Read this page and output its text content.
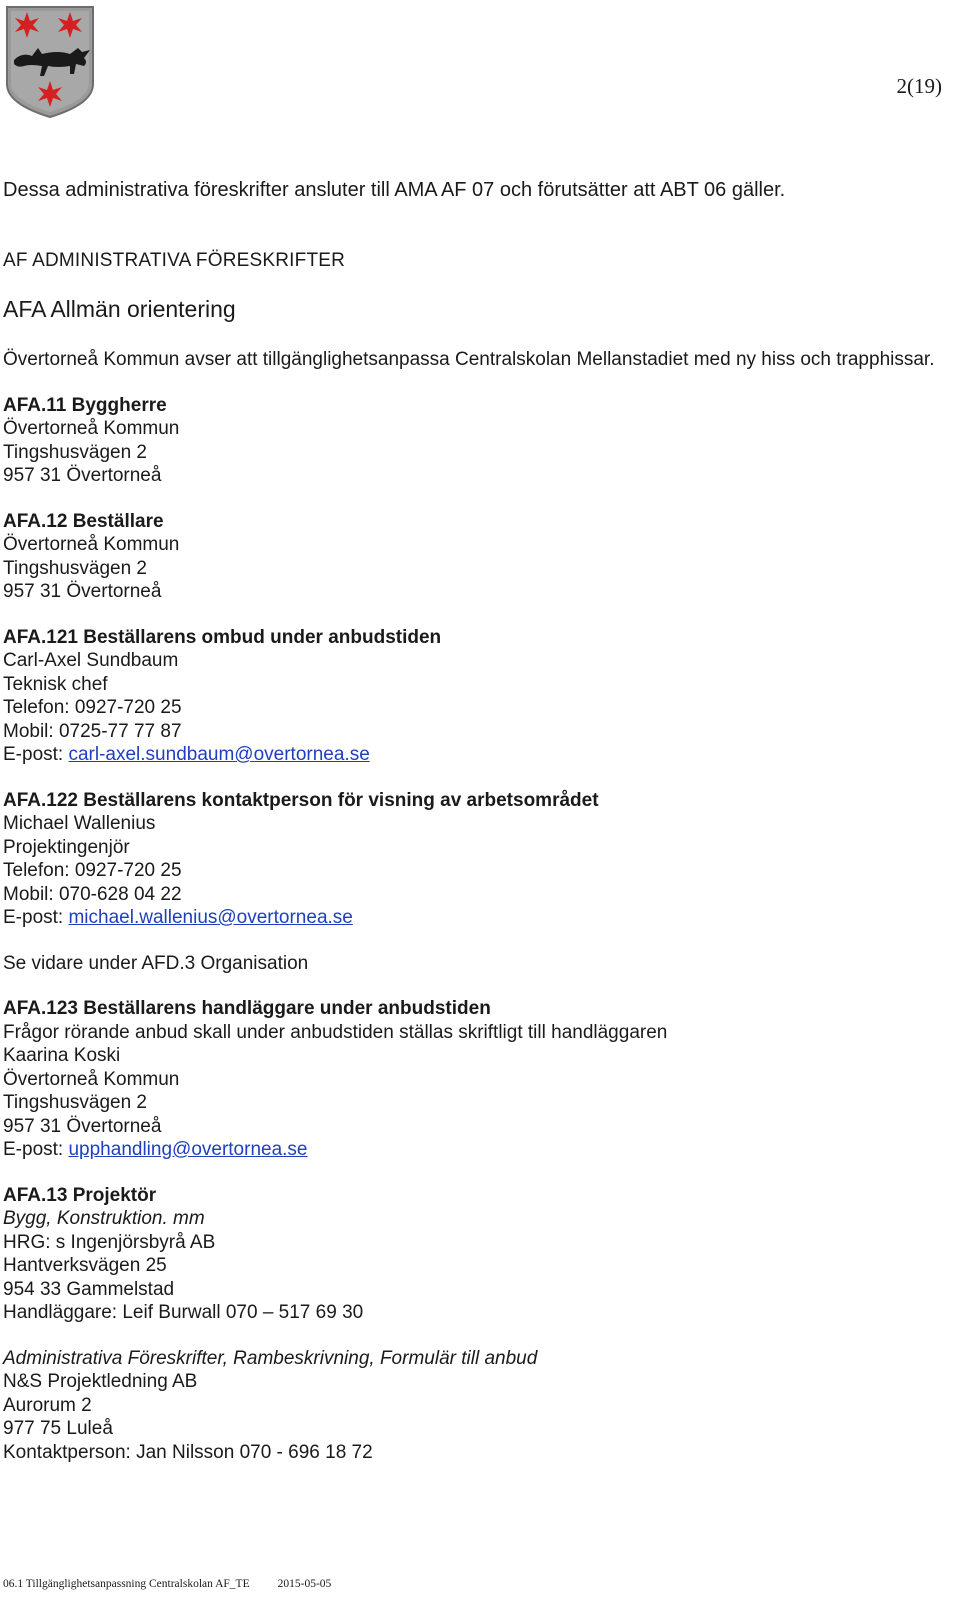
2(19)

Dessa administrativa föreskrifter ansluter till AMA AF 07 och förutsätter att ABT 06 gäller.

AF ADMINISTRATIVA FÖRESKRIFTER
AFA Allmän orientering

Övertorneå Kommun avser att tillgänglighetsanpassa Centralskolan Mellanstadiet med ny hiss och trapphissar.

AFA.11 Byggherre

Övertorneå Kommun

Tingshusvägen 2

957 31 Övertorneå

AFA.12 Beställare

Övertorneå Kommun

Tingshusvägen 2

957 31 Övertorneå

AFA.121 Beställarens ombud under anbudstiden

Carl-Axel Sundbaum

Teknisk chef

Telefon: 0927-720 25

Mobil: 0725-77 77 87

E-post: carl-axel.sundbaum@overtornea.se

AFA.122 Beställarens kontaktperson för visning av arbetsområdet

Michael Wallenius

Projektingenjör

Telefon: 0927-720 25

Mobil: 070-628 04 22

E-post: michael.wallenius@overtornea.se

Se vidare under AFD.3 Organisation

AFA.123 Beställarens handläggare under anbudstiden

Frågor rörande anbud skall under anbudstiden ställas skriftligt till handläggaren

Kaarina Koski

Övertorneå Kommun

Tingshusvägen 2

957 31 Övertorneå

E-post: upphandling@overtornea.se

AFA.13 Projektör

Bygg, Konstruktion. mm

HRG: s Ingenjörsbyrå AB

Hantverksvägen 25

954 33 Gammelstad

Handläggare: Leif Burwall 070 – 517 69 30

Administrativa Föreskrifter, Rambeskrivning, Formulär till anbud

N&S Projektledning AB

Aurorum 2

977 75 Luleå

Kontaktperson: Jan Nilsson 070 - 696 18 72

06.1 Tillgänglighetsanpassning Centralskolan AF_TE 2015-05-05
